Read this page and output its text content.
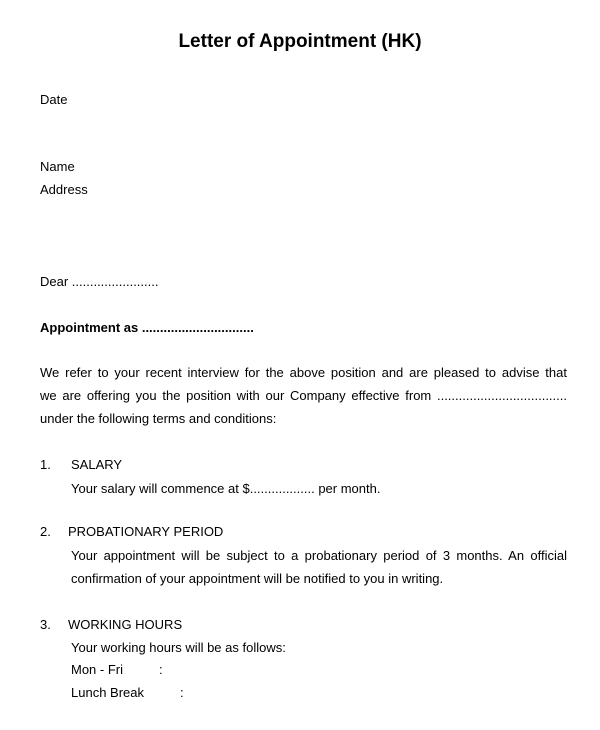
Letter of Appointment (HK)
Date
Name
Address
Dear ........................
Appointment as ...............................
We refer to your recent interview for the above position and are pleased to advise that
we are offering you the position with our Company effective from ....................................
under the following terms and conditions:
1. SALARY
Your salary will commence at $.................. per month.
2. PROBATIONARY PERIOD
Your appointment will be subject to a probationary period of 3 months. An official
confirmation of your appointment will be notified to you in writing.
3. WORKING HOURS
Your working hours will be as follows:
Mon - Fri	:
Lunch Break	:
